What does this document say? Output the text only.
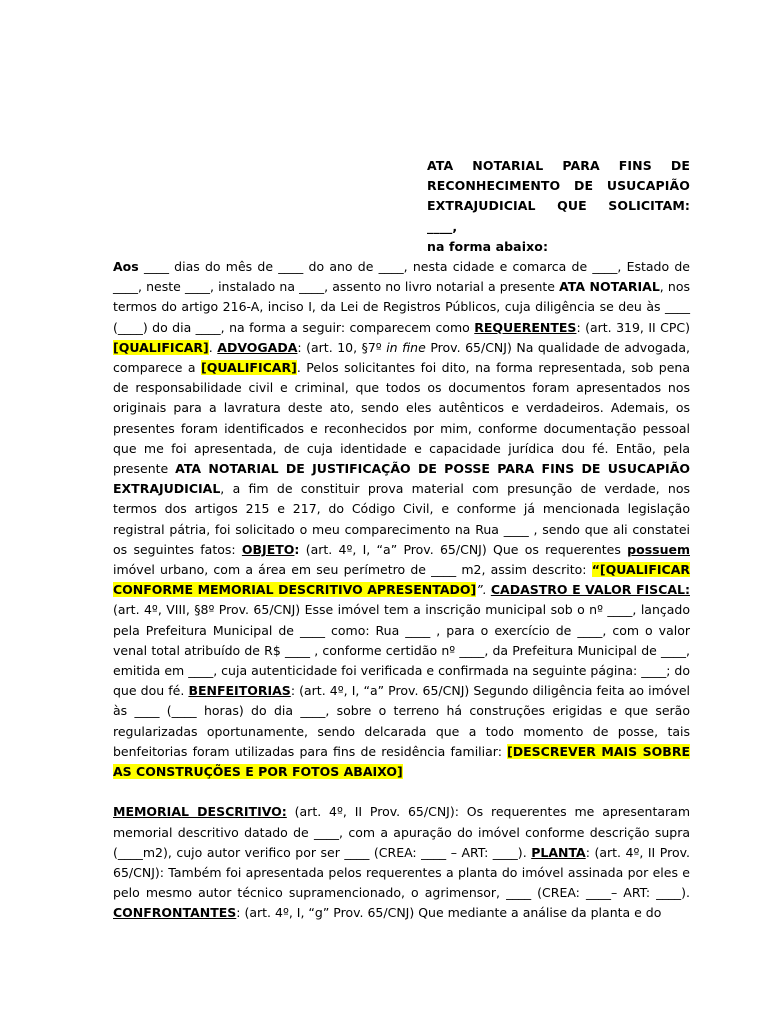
ATA NOTARIAL PARA FINS DE
RECONHECIMENTO DE USUCAPIÃO
EXTRAJUDICIAL QUE SOLICITAM: ____,
na forma abaixo:

Aos ____ dias do mês de ____ do ano de ____, nesta cidade e comarca de ____, Estado de ____, neste ____, instalado na ____, assento no livro notarial a presente ATA NOTARIAL, nos termos do artigo 216-A, inciso I, da Lei de Registros Públicos, cuja diligência se deu às ____ (____) do dia ____, na forma a seguir: comparecem como REQUERENTES: (art. 319, II CPC) [QUALIFICAR]. ADVOGADA: (art. 10, §7º in fine Prov. 65/CNJ) Na qualidade de advogada, comparece a [QUALIFICAR]. Pelos solicitantes foi dito, na forma representada, sob pena de responsabilidade civil e criminal, que todos os documentos foram apresentados nos originais para a lavratura deste ato, sendo eles autênticos e verdadeiros. Ademais, os presentes foram identificados e reconhecidos por mim, conforme documentação pessoal que me foi apresentada, de cuja identidade e capacidade jurídica dou fé. Então, pela presente ATA NOTARIAL DE JUSTIFICAÇÃO DE POSSE PARA FINS DE USUCAPIÃO EXTRAJUDICIAL, a fim de constituir prova material com presunção de verdade, nos termos dos artigos 215 e 217, do Código Civil, e conforme já mencionada legislação registral pátria, foi solicitado o meu comparecimento na Rua ____ , sendo que ali constatei os seguintes fatos: OBJETO: (art. 4º, I, “a” Prov. 65/CNJ) Que os requerentes possuem imóvel urbano, com a área em seu perímetro de ____ m2, assim descrito: “[QUALIFICAR CONFORME MEMORIAL DESCRITIVO APRESENTADO]”. CADASTRO E VALOR FISCAL: (art. 4º, VIII, §8º Prov. 65/CNJ) Esse imóvel tem a inscrição municipal sob o nº ____, lançado pela Prefeitura Municipal de ____ como: Rua ____ , para o exercício de ____, com o valor venal total atribuído de R$ ____ , conforme certidão nº ____, da Prefeitura Municipal de ____, emitida em ____, cuja autenticidade foi verificada e confirmada na seguinte página: ____; do que dou fé. BENFEITORIAS: (art. 4º, I, “a” Prov. 65/CNJ) Segundo diligência feita ao imóvel às ____ (____ horas) do dia ____, sobre o terreno há construções erigidas e que serão regularizadas oportunamente, sendo delcarada que a todo momento de posse, tais benfeitorias foram utilizadas para fins de residência familiar: [DESCREVER MAIS SOBRE AS CONSTRUÇÕES E POR FOTOS ABAIXO]

MEMORIAL DESCRITIVO: (art. 4º, II Prov. 65/CNJ): Os requerentes me apresentaram memorial descritivo datado de ____, com a apuração do imóvel conforme descrição supra (____m2), cujo autor verifico por ser ____ (CREA: ____ – ART: ____). PLANTA: (art. 4º, II Prov. 65/CNJ): Também foi apresentada pelos requerentes a planta do imóvel assinada por eles e pelo mesmo autor técnico supramencionado, o agrimensor, ____ (CREA: ____– ART: ____). CONFRONTANTES: (art. 4º, I, “g” Prov. 65/CNJ) Que mediante a análise da planta e do
